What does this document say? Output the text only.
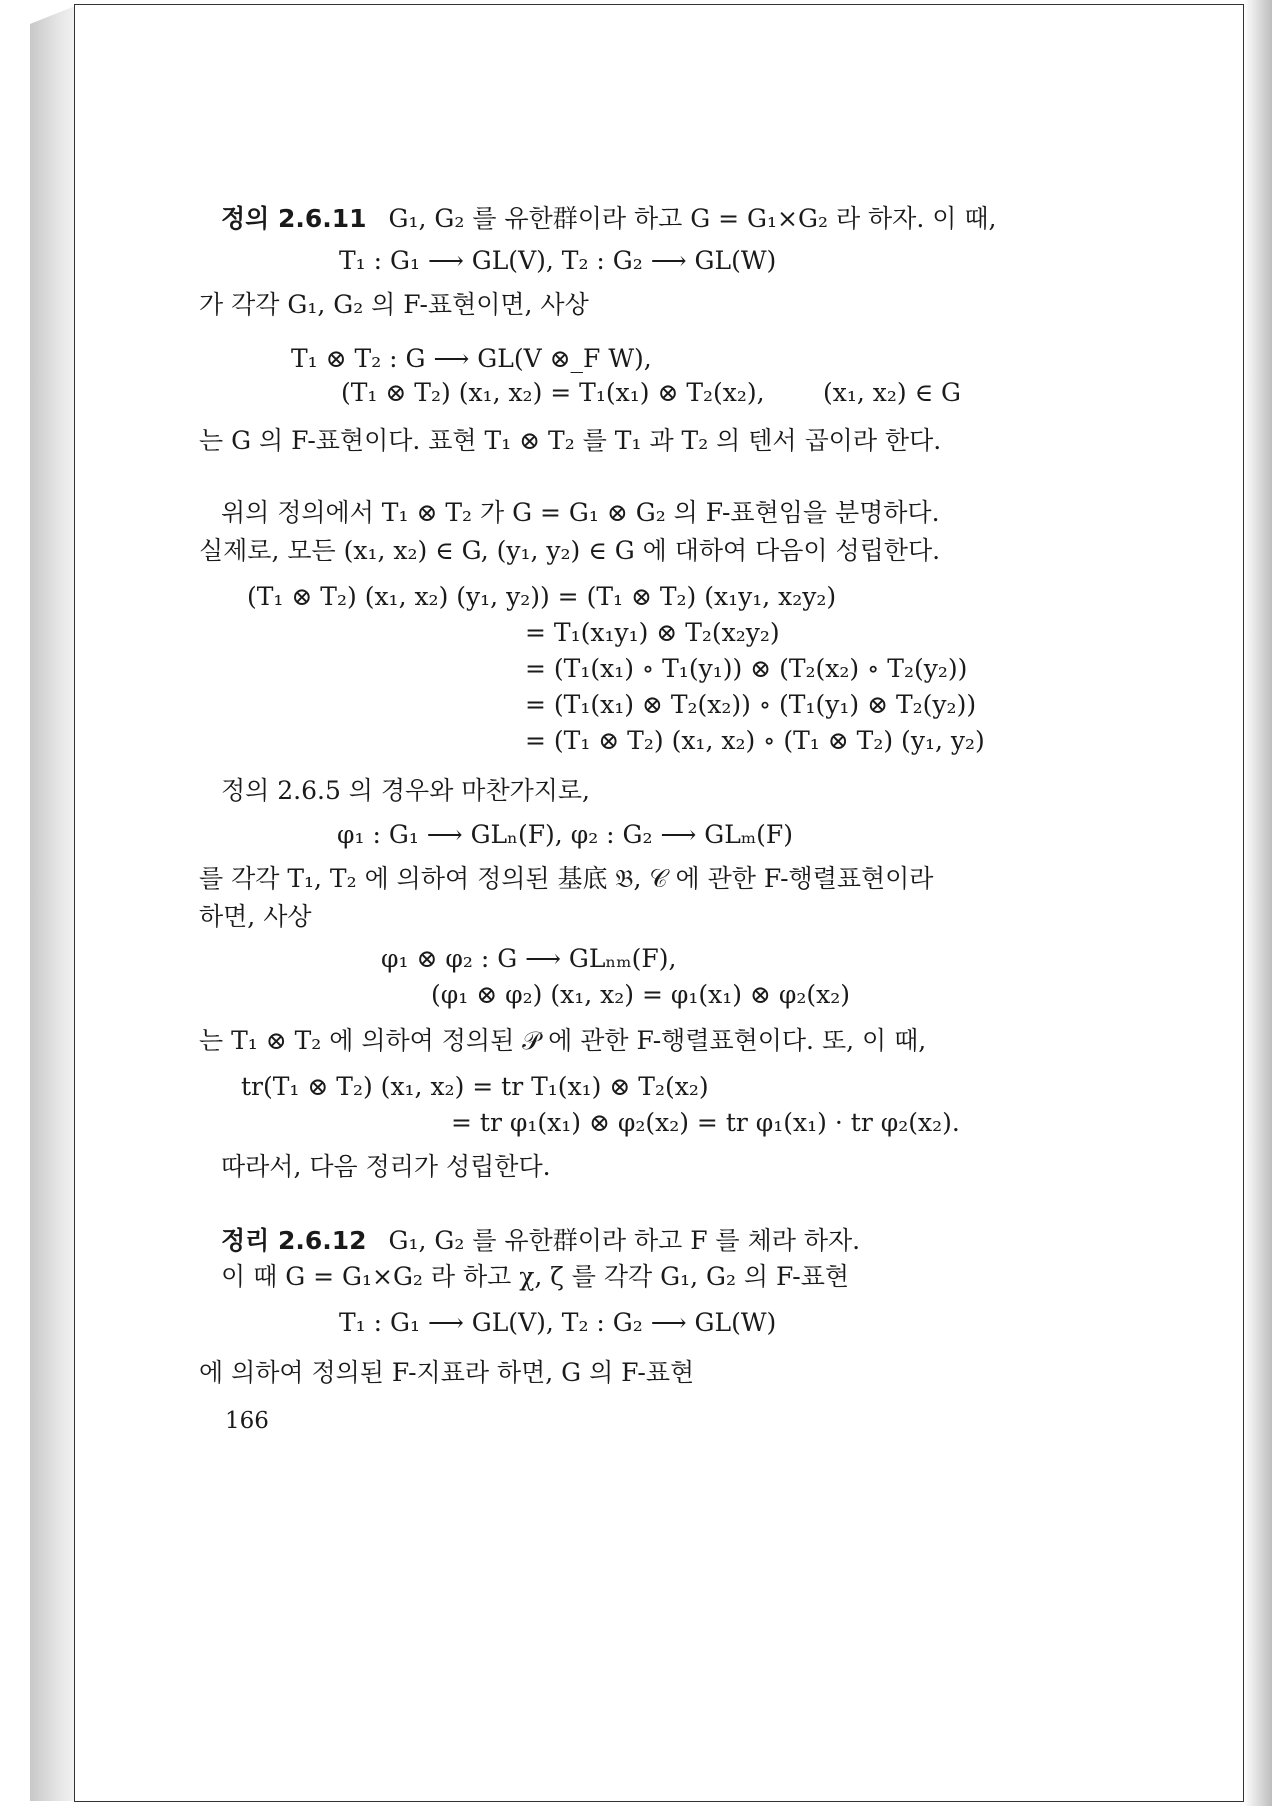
정의 2.6.11 G₁, G₂ 를 유한群이라 하고 G = G₁×G₂ 라 하자. 이 때,
T₁ : G₁ ⟶ GL(V), T₂ : G₂ ⟶ GL(W)
가 각각 G₁, G₂ 의 F-표현이면, 사상
T₁ ⊗ T₂ : G ⟶ GL(V ⊗_F W),
(T₁ ⊗ T₂) (x₁, x₂) = T₁(x₁) ⊗ T₂(x₂), (x₁, x₂) ∈ G
는 G 의 F-표현이다. 표현 T₁ ⊗ T₂ 를 T₁ 과 T₂ 의 텐서 곱이라 한다.
위의 정의에서 T₁ ⊗ T₂ 가 G = G₁ ⊗ G₂ 의 F-표현임을 분명하다.
실제로, 모든 (x₁, x₂) ∈ G, (y₁, y₂) ∈ G 에 대하여 다음이 성립한다.
(T₁ ⊗ T₂) (x₁, x₂) (y₁, y₂)) = (T₁ ⊗ T₂) (x₁y₁, x₂y₂)
= T₁(x₁y₁) ⊗ T₂(x₂y₂)
= (T₁(x₁) ∘ T₁(y₁)) ⊗ (T₂(x₂) ∘ T₂(y₂))
= (T₁(x₁) ⊗ T₂(x₂)) ∘ (T₁(y₁) ⊗ T₂(y₂))
= (T₁ ⊗ T₂) (x₁, x₂) ∘ (T₁ ⊗ T₂) (y₁, y₂)
정의 2.6.5 의 경우와 마찬가지로,
φ₁ : G₁ ⟶ GLₙ(F), φ₂ : G₂ ⟶ GLₘ(F)
를 각각 T₁, T₂ 에 의하여 정의된 基底 𝔅, 𝒞 에 관한 F-행렬표현이라
하면, 사상
φ₁ ⊗ φ₂ : G ⟶ GLₙₘ(F),
(φ₁ ⊗ φ₂) (x₁, x₂) = φ₁(x₁) ⊗ φ₂(x₂)
는 T₁ ⊗ T₂ 에 의하여 정의된 𝒫 에 관한 F-행렬표현이다. 또, 이 때,
tr(T₁ ⊗ T₂) (x₁, x₂) = tr T₁(x₁) ⊗ T₂(x₂)
= tr φ₁(x₁) ⊗ φ₂(x₂) = tr φ₁(x₁) · tr φ₂(x₂).
따라서, 다음 정리가 성립한다.
정리 2.6.12 G₁, G₂ 를 유한群이라 하고 F 를 체라 하자.
이 때 G = G₁×G₂ 라 하고 χ, ζ 를 각각 G₁, G₂ 의 F-표현
T₁ : G₁ ⟶ GL(V), T₂ : G₂ ⟶ GL(W)
에 의하여 정의된 F-지표라 하면, G 의 F-표현
166
